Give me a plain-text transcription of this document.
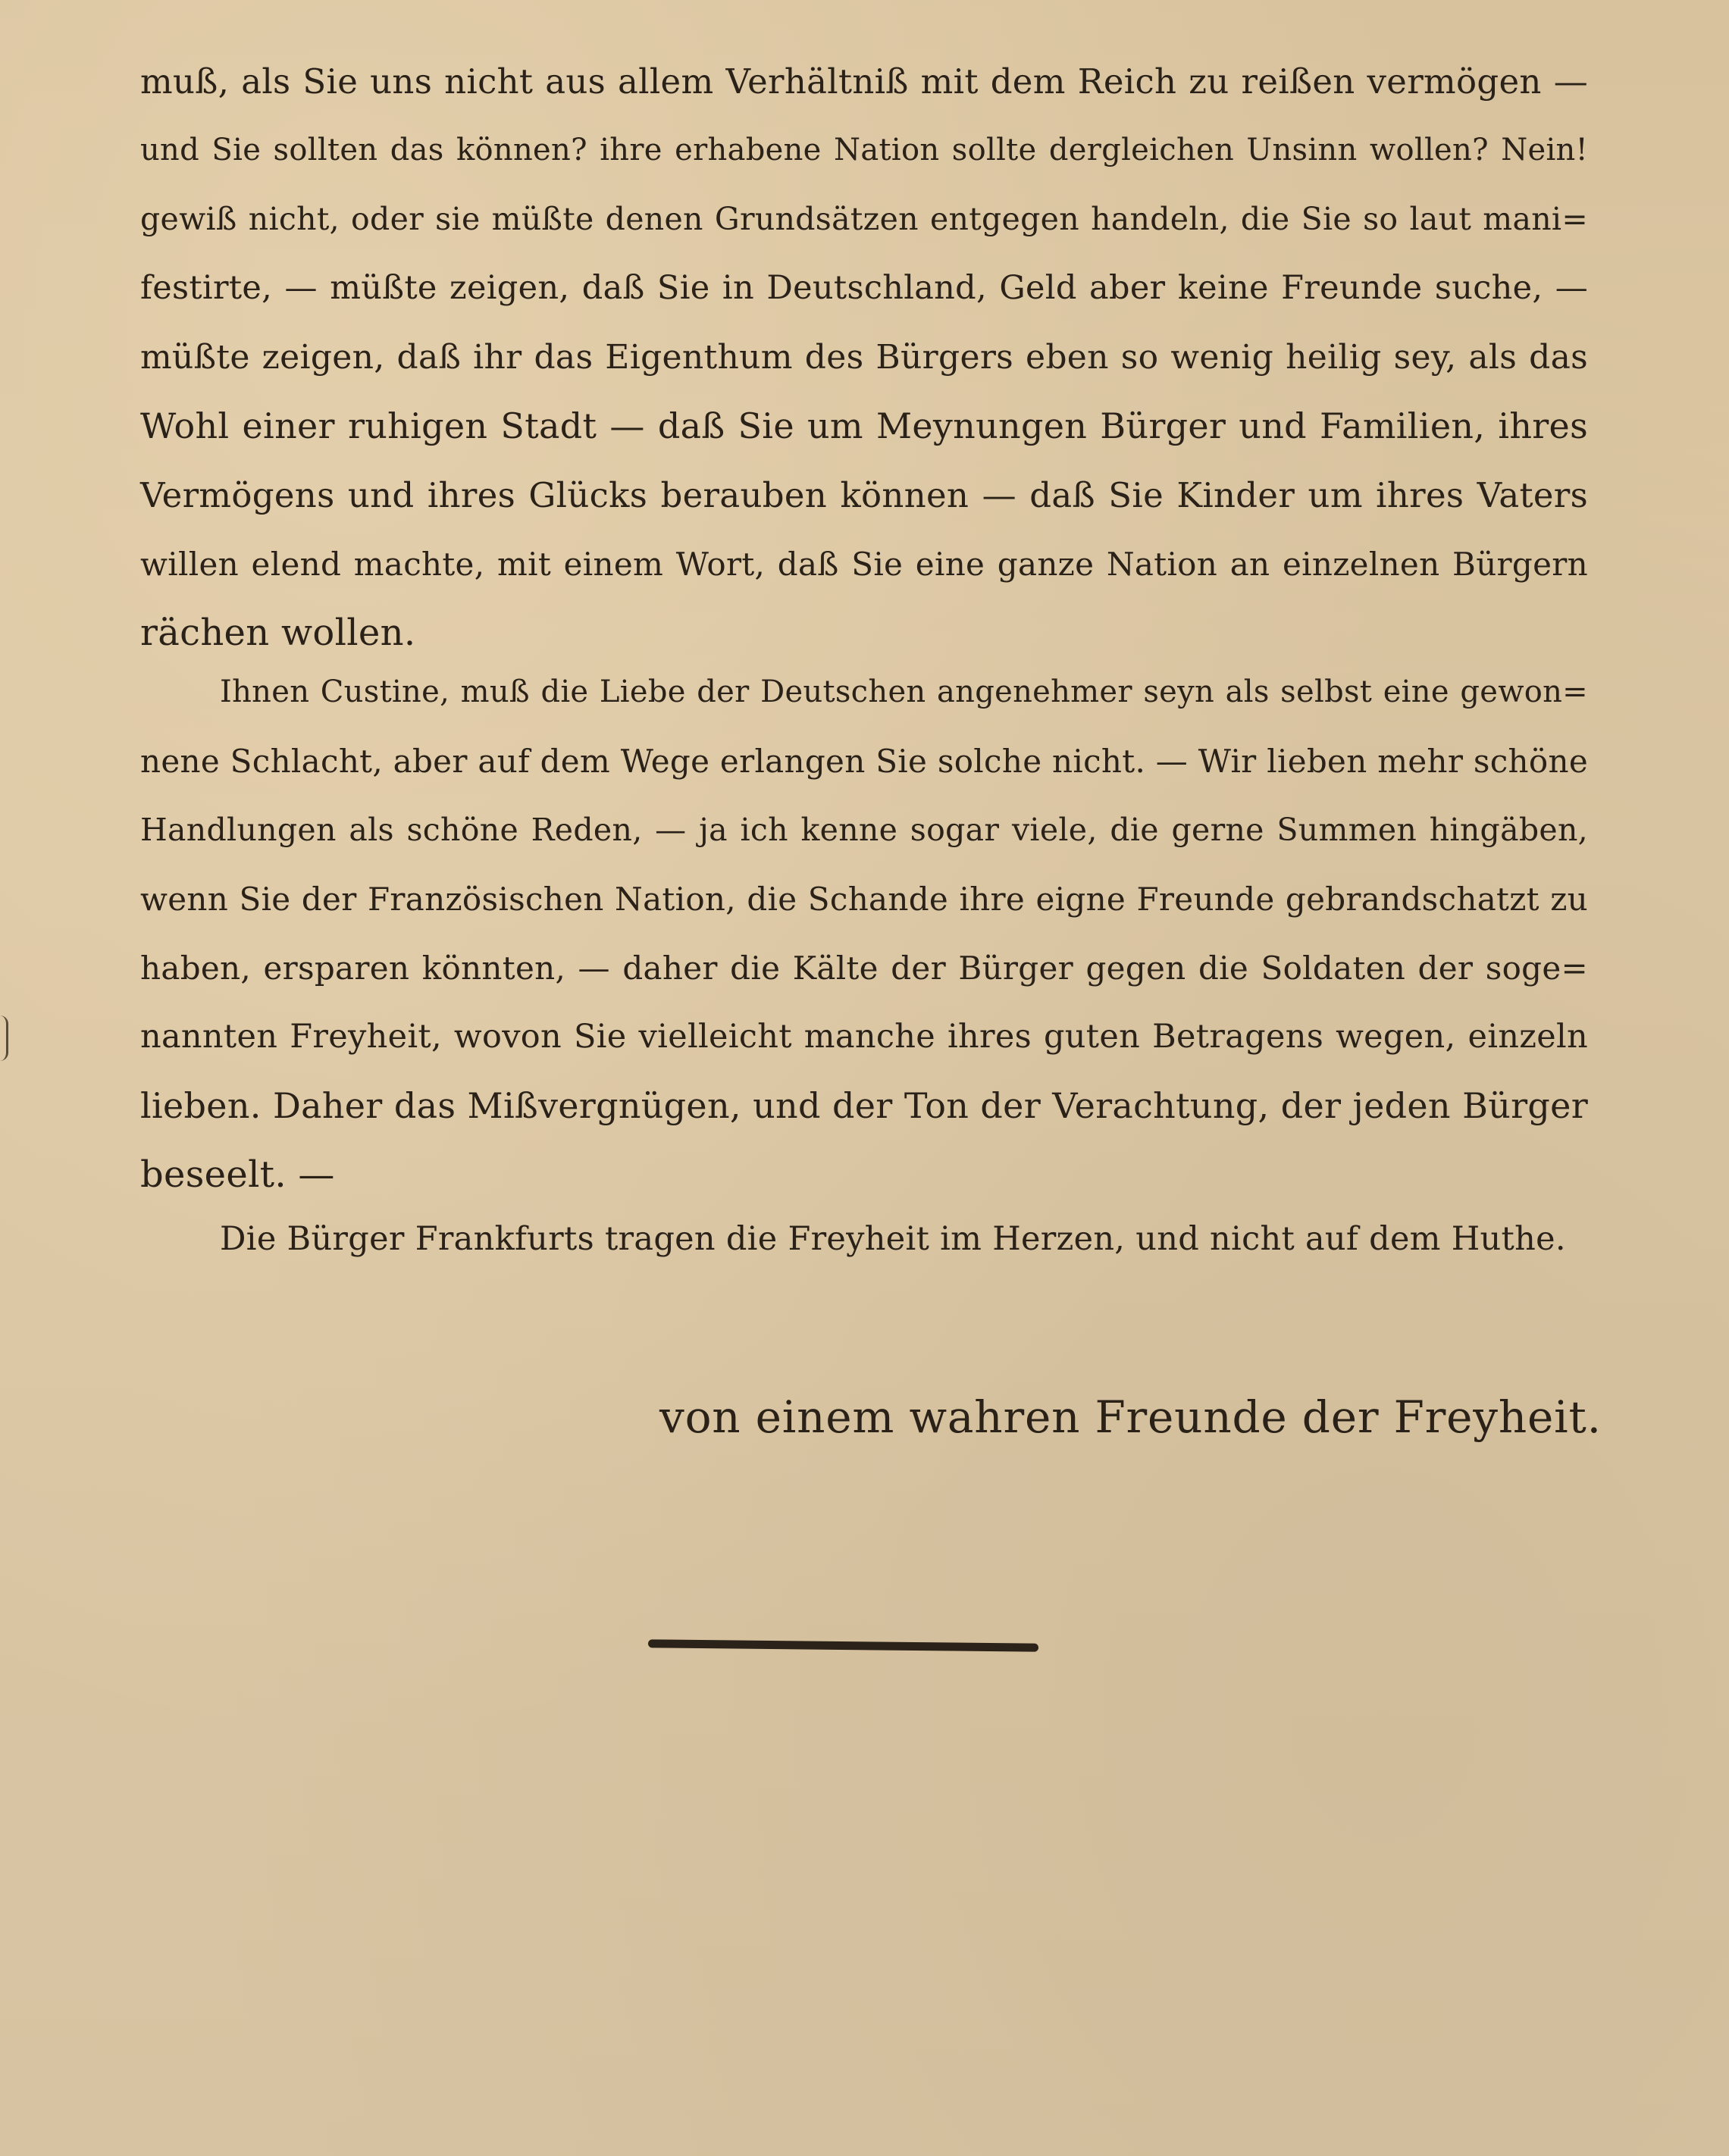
muß, als Sie uns nicht aus allem Verhältniß mit dem Reich zu reißen vermögen —
und Sie sollten das können? ihre erhabene Nation sollte dergleichen Unsinn wollen? Nein!
gewiß nicht, oder sie müßte denen Grundsätzen entgegen handeln, die Sie so laut mani=
festirte, — müßte zeigen, daß Sie in Deutschland, Geld aber keine Freunde suche, —
müßte zeigen, daß ihr das Eigenthum des Bürgers eben so wenig heilig sey, als das
Wohl einer ruhigen Stadt — daß Sie um Meynungen Bürger und Familien, ihres
Vermögens und ihres Glücks berauben können — daß Sie Kinder um ihres Vaters
willen elend machte, mit einem Wort, daß Sie eine ganze Nation an einzelnen Bürgern
rächen wollen.
Ihnen Custine, muß die Liebe der Deutschen angenehmer seyn als selbst eine gewon=
nene Schlacht, aber auf dem Wege erlangen Sie solche nicht. — Wir lieben mehr schöne
Handlungen als schöne Reden, — ja ich kenne sogar viele, die gerne Summen hingäben,
wenn Sie der Französischen Nation, die Schande ihre eigne Freunde gebrandschatzt zu
haben, ersparen könnten, — daher die Kälte der Bürger gegen die Soldaten der soge=
nannten Freyheit, wovon Sie vielleicht manche ihres guten Betragens wegen, einzeln
lieben. Daher das Mißvergnügen, und der Ton der Verachtung, der jeden Bürger
beseelt. —
Die Bürger Frankfurts tragen die Freyheit im Herzen, und nicht auf dem Huthe.
von einem wahren Freunde der Freyheit.
